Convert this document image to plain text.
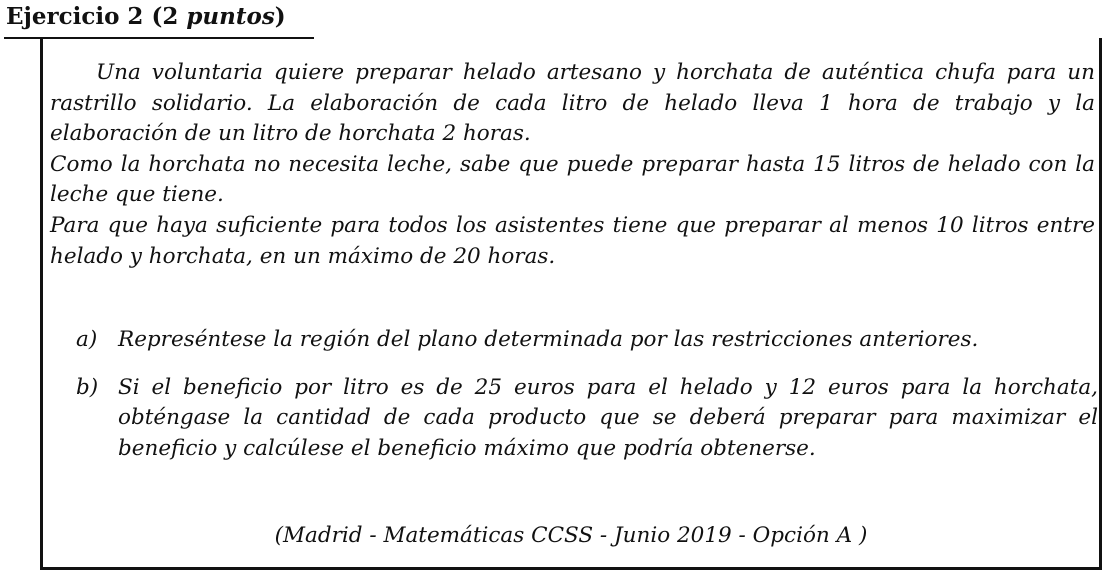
Ejercicio 2 (2 puntos)

Una voluntaria quiere preparar helado artesano y horchata de auténtica chufa para un rastrillo solidario. La elaboración de cada litro de helado lleva 1 hora de trabajo y la elaboración de un litro de horchata 2 horas.

Como la horchata no necesita leche, sabe que puede preparar hasta 15 litros de helado con la leche que tiene.

Para que haya suficiente para todos los asistentes tiene que preparar al menos 10 litros entre helado y horchata, en un máximo de 20 horas.

a) Represéntese la región del plano determinada por las restricciones anteriores.
b) Si el beneficio por litro es de 25 euros para el helado y 12 euros para la horchata, obténgase la cantidad de cada producto que se deberá preparar para maximizar el beneficio y calcúlese el beneficio máximo que podría obtenerse.
(Madrid - Matemáticas CCSS - Junio 2019 - Opción A )
